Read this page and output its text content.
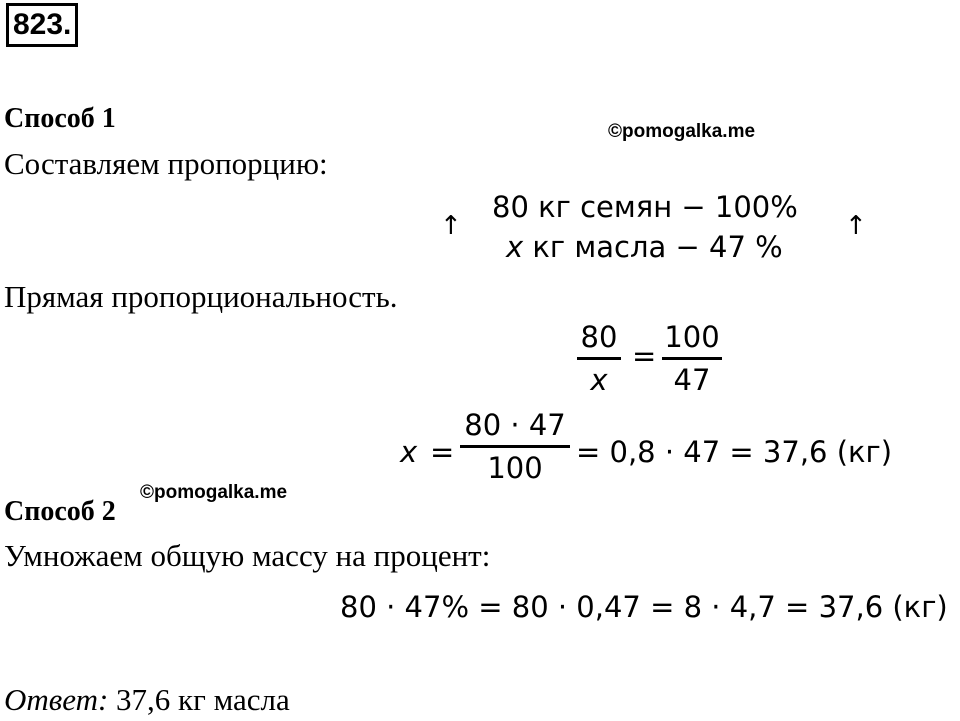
823.
Способ 1	©pomogalka.me
Составляем пропорцию:
↑
80 кг семян − 100%
x кг масла − 47 %
↑
Прямая пропорциональность.
80
x
=
100
47
x =
80 · 47
100 = 0,8 · 47 = 37,6 (кг)
Способ 2
©pomogalka.me
Умножаем общую массу на процент:
80 · 47% = 80 · 0,47 = 8 · 4,7 = 37,6 (кг)
Ответ: 37,6 кг масла
